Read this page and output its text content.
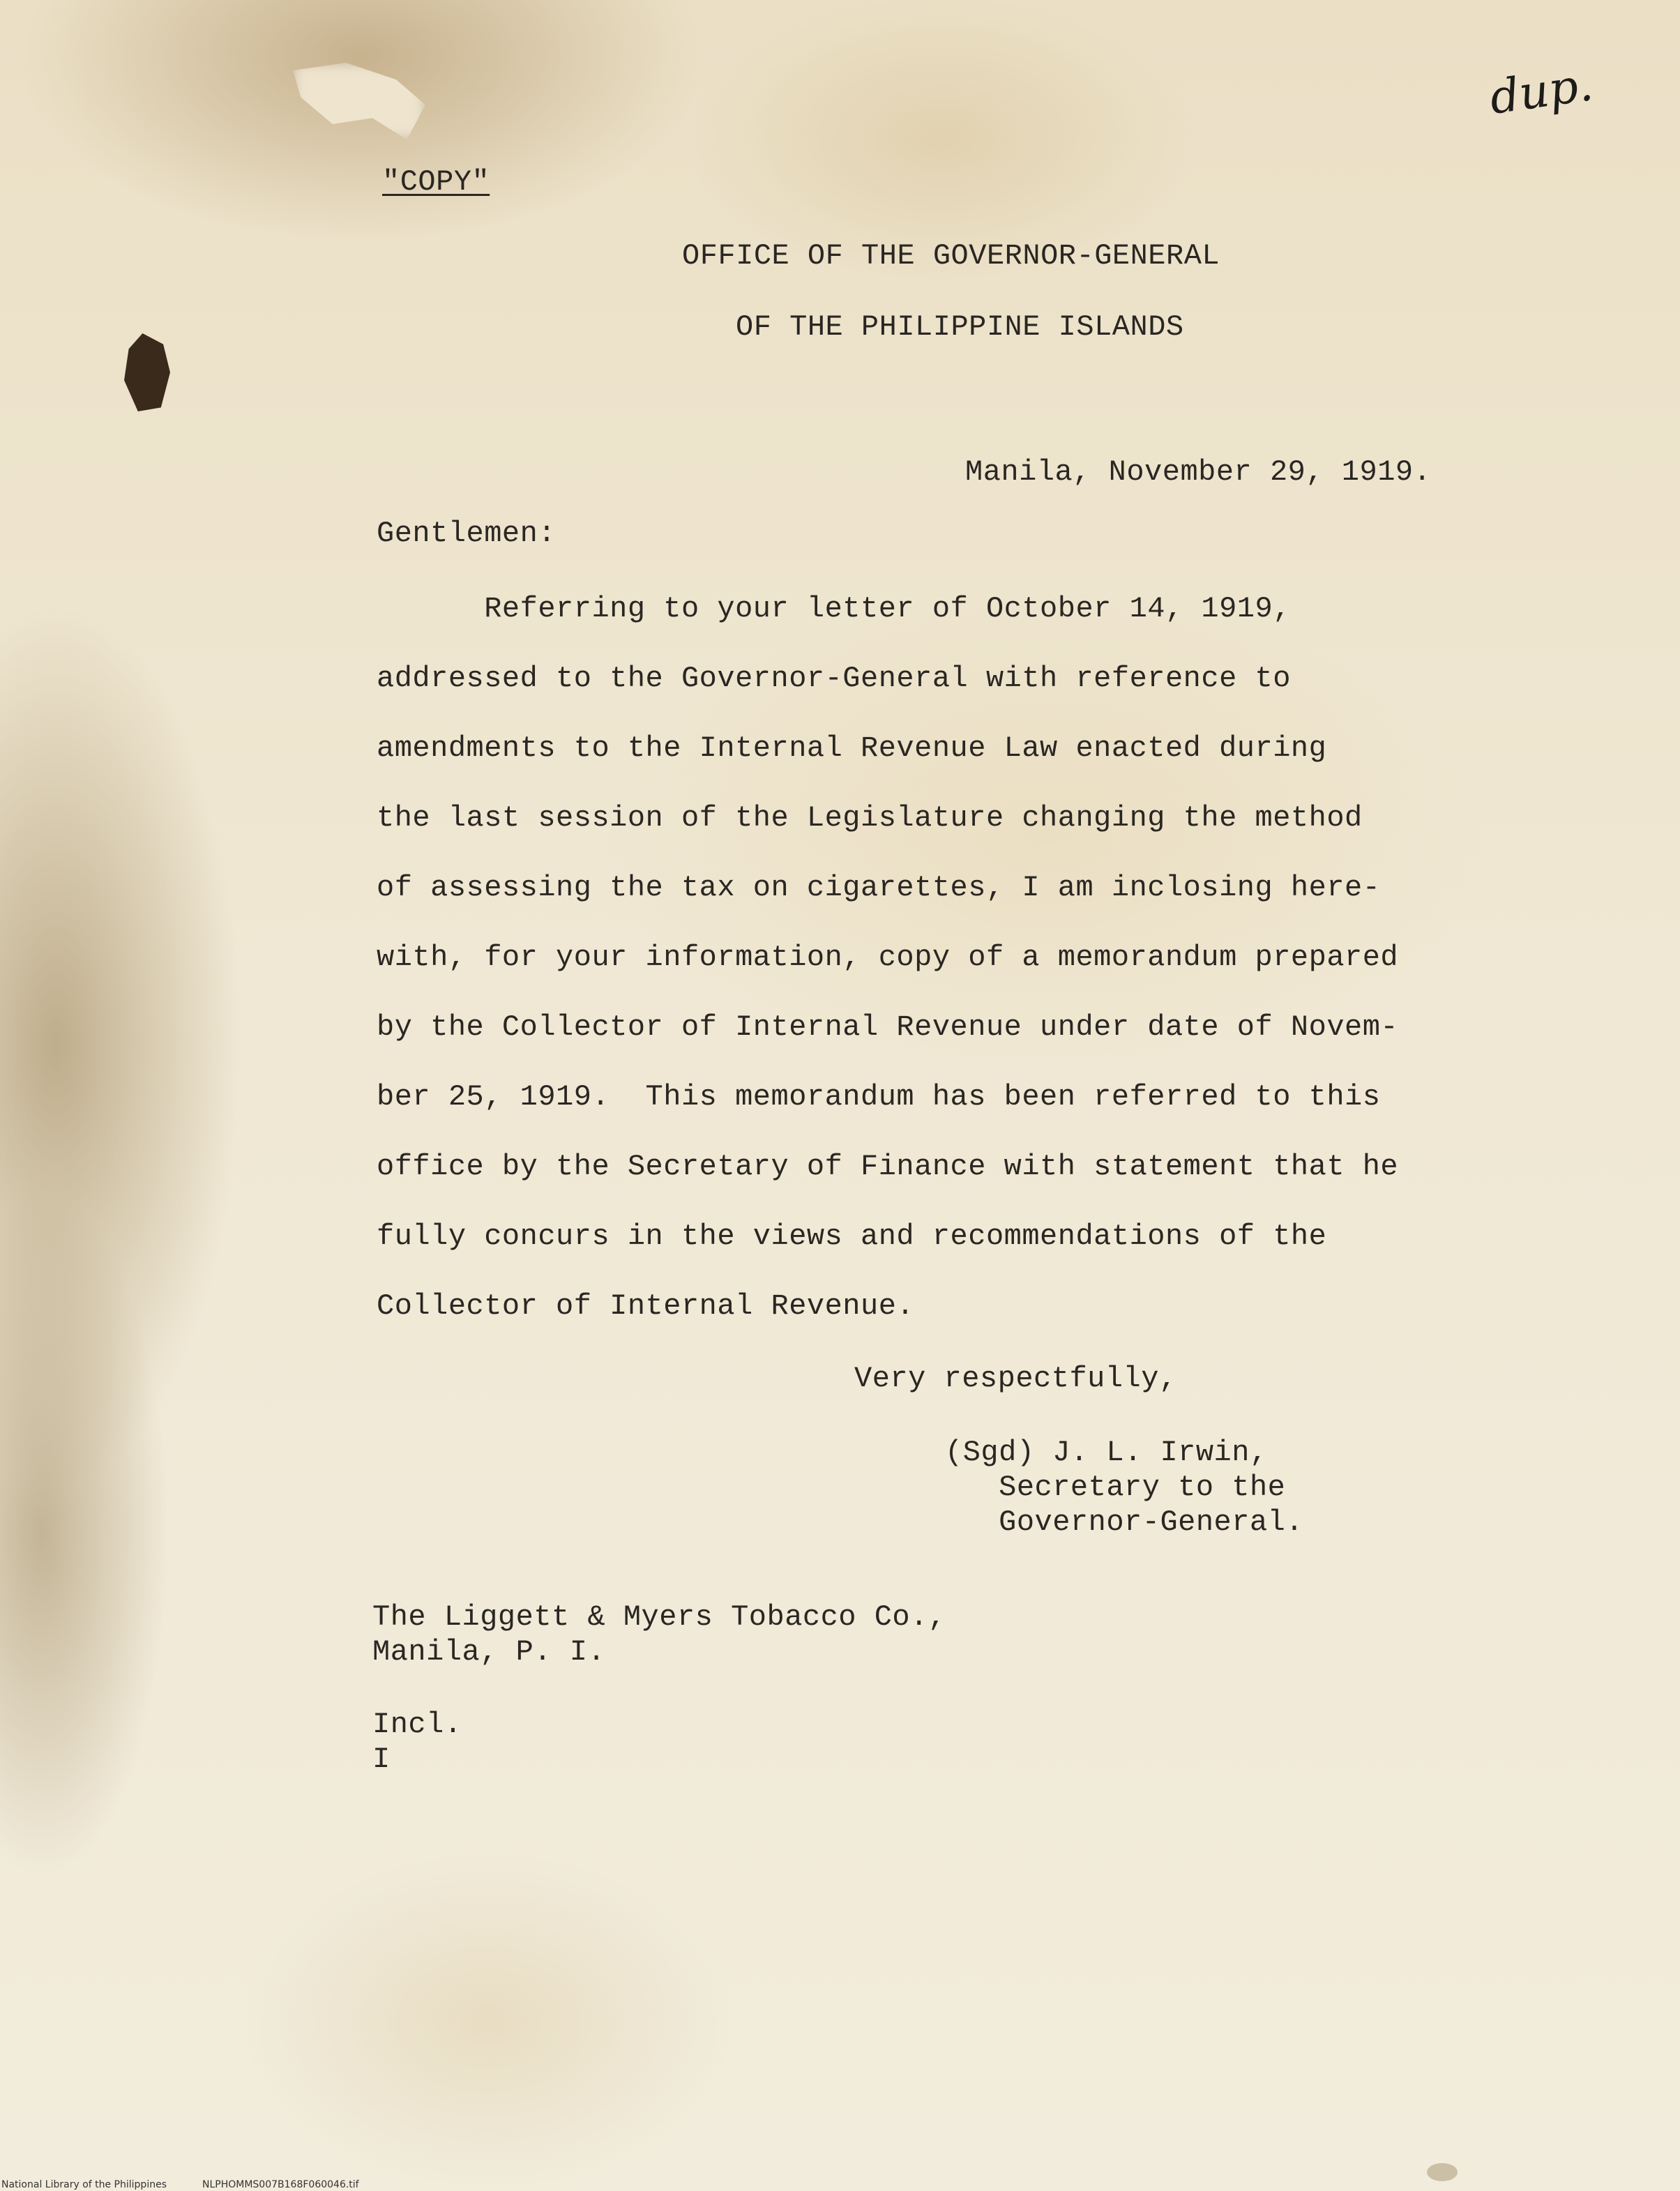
dup.
"COPY"
OFFICE OF THE GOVERNOR-GENERAL
OF THE PHILIPPINE ISLANDS
Manila, November 29, 1919.
Gentlemen:
Referring to your letter of October 14, 1919,
addressed to the Governor-General with reference to
amendments to the Internal Revenue Law enacted during
the last session of the Legislature changing the method
of assessing the tax on cigarettes, I am inclosing here-
with, for your information, copy of a memorandum prepared
by the Collector of Internal Revenue under date of Novem-
ber 25, 1919.  This memorandum has been referred to this
office by the Secretary of Finance with statement that he
fully concurs in the views and recommendations of the
Collector of Internal Revenue.
Very respectfully,
(Sgd) J. L. Irwin,
Secretary to the
Governor-General.
The Liggett & Myers Tobacco Co.,
Manila, P. I.
Incl.
I
National Library of the Philippines	NLPHOMMS007B168F060046.tif
